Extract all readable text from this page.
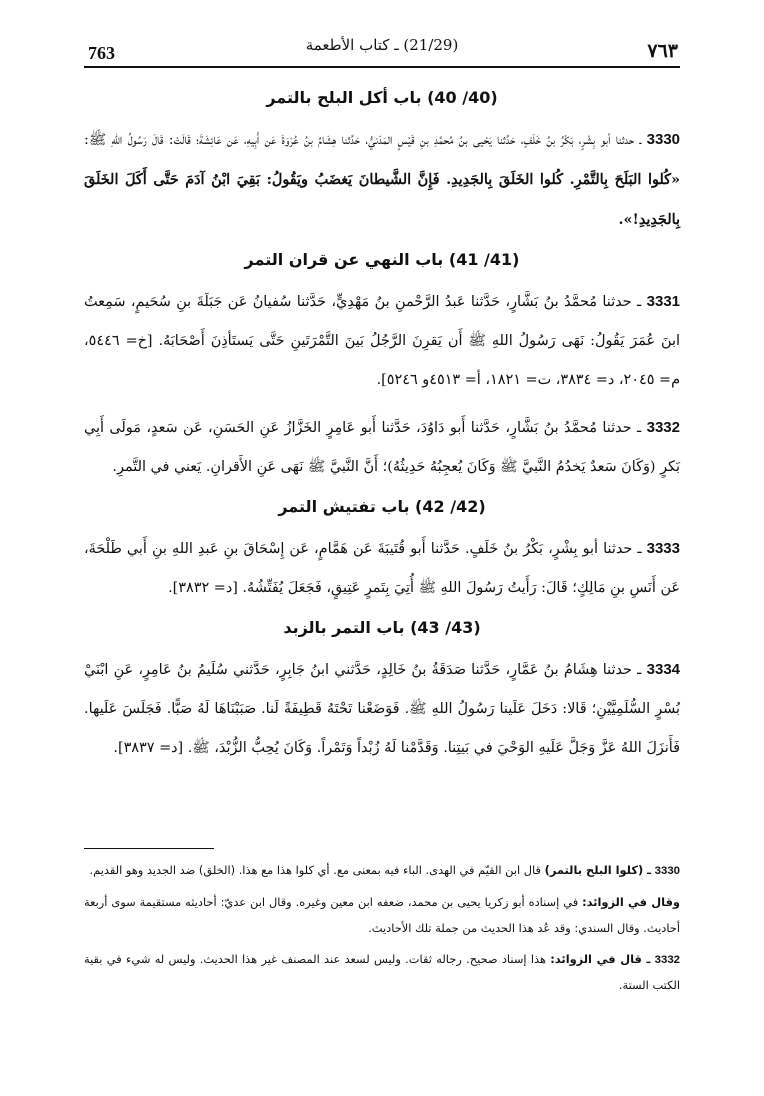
763	(21/29) ـ كتاب الأطعمة	٧٦٣
(40/ 40) باب أكل البلح بالتمر

3330 ـ حدثنا أبو بِشْرٍ، بَكْرُ بنُ خَلَفٍ، حَدَّثنا يَحْيى بنُ مُحمَّدِ بنِ قَيْسٍ المَدَنيُّ، حَدَّثنا هِشَامُ بنُ عُرْوَةَ عَن أَبِيهِ، عَن عَائِشَةَ؛ قَالَتْ: قَالَ رَسُولُ اللهِ ﷺ: «كُلوا البَلَحَ بِالتَّمْرِ. كُلوا الخَلَقَ بِالجَدِيدِ. فَإِنَّ الشَّيطانَ يَغضَبُ ويَقُولُ: بَقِيَ ابْنُ آدَمَ حَتَّى أَكَلَ الخَلَقَ بِالجَدِيدِ!».

(41/ 41) باب النهي عن قران التمر

3331 ـ حدثنا مُحمَّدُ بنُ بَشَّارٍ، حَدَّثنا عَبدُ الرَّحْمنِ بنُ مَهْدِيٍّ، حَدَّثنا سُفيانُ عَن جَبَلَةَ بنِ سُحَيمٍ، سَمِعتُ ابنَ عُمَرَ يَقُولُ: نَهَى رَسُولُ اللهِ ﷺ أَن يَقرِنَ الرَّجُلُ بَينَ التَّمْرَتَينِ حَتَّى يَستَأذِنَ أَصْحَابَهُ. [خ= ٥٤٤٦، م= ٢٠٤٥، د= ٣٨٣٤، ت= ١٨٢١، أ= ٤٥١٣و ٥٢٤٦].

3332 ـ حدثنا مُحمَّدُ بنُ بَشَّارٍ، حَدَّثنا أَبو دَاوُدَ، حَدَّثنا أَبو عَامِرٍ الخَزَّازُ عَنِ الحَسَنِ، عَن سَعدٍ، مَولَى أَبِي بَكرٍ (وَكَانَ سَعدٌ يَخدُمُ النَّبيَّ ﷺ وَكَانَ يُعجِبُهُ حَدِيثُهُ)؛ أَنَّ النَّبيَّ ﷺ نَهَى عَنِ الأَقرانِ. يَعني في التَّمرِ.

(42/ 42) باب تفتيش التمر

3333 ـ حدثنا أبو بِشْرٍ، بَكْرُ بنُ خَلَفٍ. حَدَّثنا أَبو قُتَيبَةَ عَن هَمَّامٍ، عَن إِسْحَاقَ بنِ عَبدِ اللهِ بنِ أَبي طَلْحَةَ، عَن أَنَسِ بنِ مَالِكٍ؛ قَالَ: رَأَيتُ رَسُولَ اللهِ ﷺ أُتِيَ بِتَمرٍ عَتِيقٍ، فَجَعَلَ يُفَتِّشُهُ. [د= ٣٨٣٢].

(43/ 43) باب التمر بالزبد

3334 ـ حدثنا هِشَامُ بنُ عَمَّارٍ، حَدَّثنا صَدَقَةُ بنُ خَالِدٍ، حَدَّثني ابنُ جَابِرٍ، حَدَّثني سُلَيمُ بنُ عَامِرٍ، عَنِ ابْنَيْ بُسْرٍ السُّلَمِيَّيْنِ؛ قَالا: دَخَلَ عَلَينا رَسُولُ اللهِ ﷺ. فَوَضَعْنا تَحْتَهُ قَطِيفَةً لَنا. صَبَبْنَاهَا لَهُ صَبًّا. فَجَلَسَ عَلَيها. فَأَنزَلَ اللهُ عَزَّ وَجَلَّ عَلَيهِ الوَحْيَ في بَيتِنا. وَقَدَّمْنا لَهُ زُبْداً وَتَمْراً. وَكَانَ يُحِبُّ الزُّبْدَ، ﷺ. [د= ٣٨٣٧].

3330 ـ (كلوا البلح بالتمر) قال ابن القيّم في الهدى. الباء فيه بمعنى مع. أي كلوا هذا مع هذا. (الخلق) ضد الجديد وهو القديم.

وقال في الزوائد: في إسناده أبو زكريا يحيى بن محمد، ضعفه ابن معين وغيره. وقال ابن عديّ: أحاديثه مستقيمة سوى أربعة أحاديث. وقال السندي: وقد عُد هذا الحديث من جملة تلك الأحاديث.

3332 ـ قال في الزوائد: هذا إسناد صحيح. رجاله ثقات. وليس لسعد عند المصنف غير هذا الحديث. وليس له شيء في بقية الكتب الستة.
